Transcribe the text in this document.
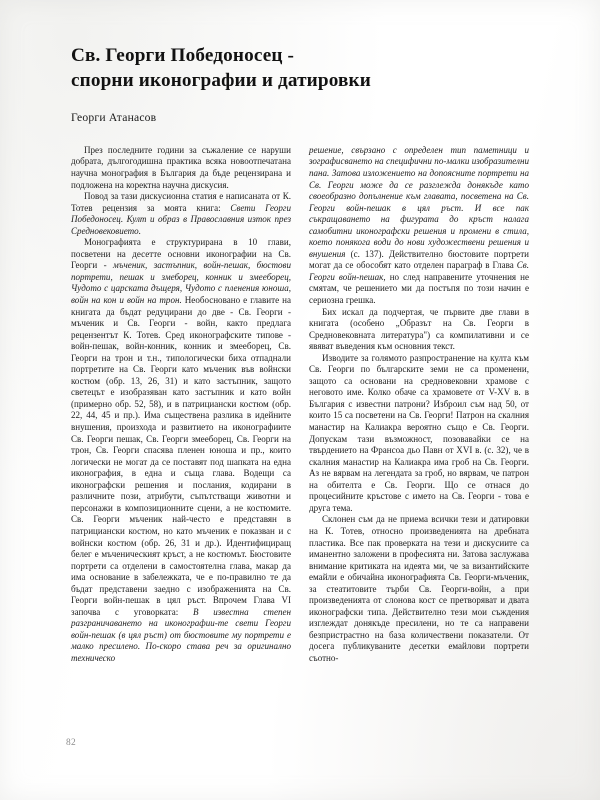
Св. Георги Победоносец -
спорни иконографии и датировки
Георги Атанасов

През последните години за съжаление се наруши добрата, дългогодишна практика всяка новоотпечатана научна монография в България да бъде рецензирана и подложена на коректна научна дискусия.

Повод за тази дискусионна статия е написаната от К. Тотев рецензия за моята книга: Свети Георги Победоносец. Култ и образ в Православния изток през Средновековието.

Монографията е структурирана в 10 глави, посветени на десетте основни иконографии на Св. Георги - мъченик, застъпник, войн-пешак, бюстови портрети, пешак и змеборец, конник и змеeборец, Чудото с царската дъщеря, Чудото с пленения юноша, войн на кон и войн на трон. Необосновано е главите на книгата да бъдат редуцирани до две - Св. Георги - мъченик и Св. Георги - войн, както предлага рецензентът К. Тотев. Сред иконографските типове - войн-пешак, войн-конник, конник и змеeборец, Св. Георги на трон и т.н., типологически биха отпаднали портретите на Св. Георги като мъченик във войнски костюм (обр. 13, 26, 31) и като застъпник, защото светецът е изобразяван като застъпник и като войн (примерно обр. 52, 58), и в патрициански костюм (обр. 22, 44, 45 и пр.). Има съществена разлика в идейните внушения, произхода и развитието на иконографиите Св. Георги пешак, Св. Георги змееборец, Св. Георги на трон, Св. Георги спасява пленен юноша и пр., които логически не могат да се поставят под шапката на една иконография, в една и съща глава. Водещи са иконографски решения и послания, кодирани в различните пози, атрибути, съпътстващи животни и персонажи в композиционните сцени, а не костюмите. Св. Георги мъченик най-често е представян в патрициански костюм, но като мъченик е показван и с войнски костюм (обр. 26, 31 и др.). Идентифициращ белег е мъченическият кръст, а не костюмът. Бюстовите портрети са отделени в самостоятелна глава, макар да има основание в забележката, че е по-правилно те да бъдат представени заедно с изображенията на Св. Георги войн-пешак в цял ръст. Впрочем Глава VI започва с уговорката: В известна степен разграничаването на иконографии-те свети Георги войн-пешак (в цял ръст) от бюстовите му портрети е малко пресилено. По-скоро става реч за оригинално техническо

решение, свързано с определен тип паметници и зографисването на специфични по-малки изобразителни пана. Затова изложението на допоясните портрети на Св. Георги може да се разглежда донякъде като своеобразно допълнение към главата, посветена на Св. Георги войн-пешак в цял ръст. И все пак съкращаването на фигурата до кръст налага самобитни иконографски решения и промени в стила, което понякога води до нови художествени решения и внушения (с. 137). Действително бюстовите портрети могат да се обособят като отделен параграф в Глава Св. Георги войн-пешак, но след направените уточнения не смятам, че решението ми да постъпя по този начин е сериозна грешка.

Бих искал да подчертая, че първите две глави в книгата (особено „Образът на Св. Георги в Средновековната литература") са компилативни и се явяват въведения към основния текст.

Изводите за голямото разпространение на култа към Св. Георги по българските земи не са променени, защото са основани на средновековни храмове с неговото име. Колко обаче са храмовете от V-XV в. в България с известни патрони? Изброил съм над 50, от които 15 са посветени на Св. Георги! Патрон на скалния манастир на Калиакра вероятно също е Св. Георги. Допускам тази възможност, позовавайки се на твърдението на Франсоа дьо Павн от XVI в. (с. 32), че в скалния манастир на Калиакра има гроб на Св. Георги. Аз не вярвам на легендата за гроб, но вярвам, че патрон на обителта е Св. Георги. Що се отнася до процесийните кръстове с името на Св. Георги - това е друга тема.

Склонен съм да не приема всички тези и датировки на К. Тотев, относно произведенията на дребната пластика. Все пак проверката на тези и дискусиите са иманентно заложени в професията ни. Затова заслужава внимание критиката на идеята ми, че за византийските емайли е обичайна иконографията Св. Георги-мъченик, за стеатитовите търби Св. Георги-войн, а при произведенията от слонова кост се претворяват и двата иконографски типа. Действително тези мои съждения изглеждат донякъде пресилени, но те са направени безпристрастно на база количествени показатели. От досега публикуваните десетки емайлови портрети съотно-

82
